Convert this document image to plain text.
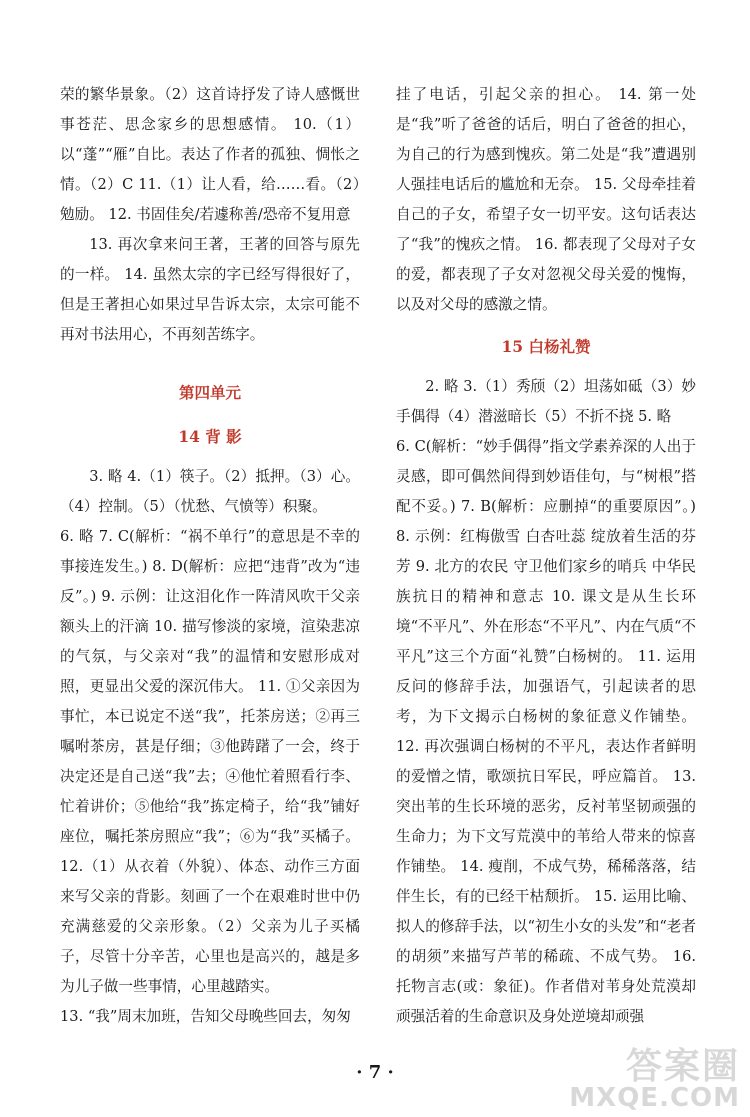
荣的繁华景象。（2）这首诗抒发了诗人感慨世事苍茫、思念家乡的思想感情。 10.（1）以“蓬”“雁”自比。表达了作者的孤独、惆怅之情。（2）C 11.（1）让人看，给……看。（2）勉励。 12. 书固佳矣/若遽称善/恐帝不复用意

13. 再次拿来问王著，王著的回答与原先的一样。 14. 虽然太宗的字已经写得很好了，但是王著担心如果过早告诉太宗，太宗可能不再对书法用心，不再刻苦练字。

第四单元
14 背 影

3. 略 4.（1）筷子。（2）抵押。（3）心。（4）控制。（5）（忧愁、气愤等）积聚。

6. 略 7. C(解析：“祸不单行”的意思是不幸的事接连发生。) 8. D(解析：应把“违背”改为“违反”。) 9. 示例：让这泪化作一阵清风吹干父亲额头上的汗滴 10. 描写惨淡的家境，渲染悲凉的气氛，与父亲对“我”的温情和安慰形成对照，更显出父爱的深沉伟大。 11. ①父亲因为事忙，本已说定不送“我”，托茶房送；②再三嘱咐茶房，甚是仔细；③他踌躇了一会，终于决定还是自己送“我”去；④他忙着照看行李、忙着讲价；⑤他给“我”拣定椅子，给“我”铺好座位，嘱托茶房照应“我”；⑥为“我”买橘子。 12.（1）从衣着（外貌）、体态、动作三方面来写父亲的背影。刻画了一个在艰难时世中仍充满慈爱的父亲形象。（2）父亲为儿子买橘子，尽管十分辛苦，心里也是高兴的，越是多为儿子做一些事情，心里越踏实。

13. “我”周末加班，告知父母晚些回去，匆匆

挂了电话，引起父亲的担心。 14. 第一处是“我”听了爸爸的话后，明白了爸爸的担心，为自己的行为感到愧疚。第二处是“我”遭遇别人强挂电话后的尴尬和无奈。 15. 父母牵挂着自己的子女，希望子女一切平安。这句话表达了“我”的愧疚之情。 16. 都表现了父母对子女的爱，都表现了子女对忽视父母关爱的愧悔，以及对父母的感激之情。

15 白杨礼赞

2. 略 3.（1）秀颀（2）坦荡如砥（3）妙手偶得（4）潜滋暗长（5）不折不挠 5. 略

6. C(解析：“妙手偶得”指文学素养深的人出于灵感，即可偶然间得到妙语佳句，与“树根”搭配不妥。) 7. B(解析：应删掉“的重要原因”。) 8. 示例：红梅傲雪 白杏吐蕊 绽放着生活的芬芳 9. 北方的农民 守卫他们家乡的哨兵 中华民族抗日的精神和意志 10. 课文是从生长环境“不平凡”、外在形态“不平凡”、内在气质“不平凡”这三个方面“礼赞”白杨树的。 11. 运用反问的修辞手法，加强语气，引起读者的思考，为下文揭示白杨树的象征意义作铺垫。 12. 再次强调白杨树的不平凡，表达作者鲜明的爱憎之情，歌颂抗日军民，呼应篇首。 13. 突出苇的生长环境的恶劣，反衬苇坚韧顽强的生命力；为下文写荒漠中的苇给人带来的惊喜作铺垫。 14. 瘦削，不成气势，稀稀落落，结伴生长，有的已经干枯颓折。 15. 运用比喻、拟人的修辞手法，以“初生小女的头发”和“老者的胡须”来描写芦苇的稀疏、不成气势。 16. 托物言志(或：象征)。作者借对苇身处荒漠却顽强活着的生命意识及身处逆境却顽强

· 7 ·	答案圈
MXQE.COM
